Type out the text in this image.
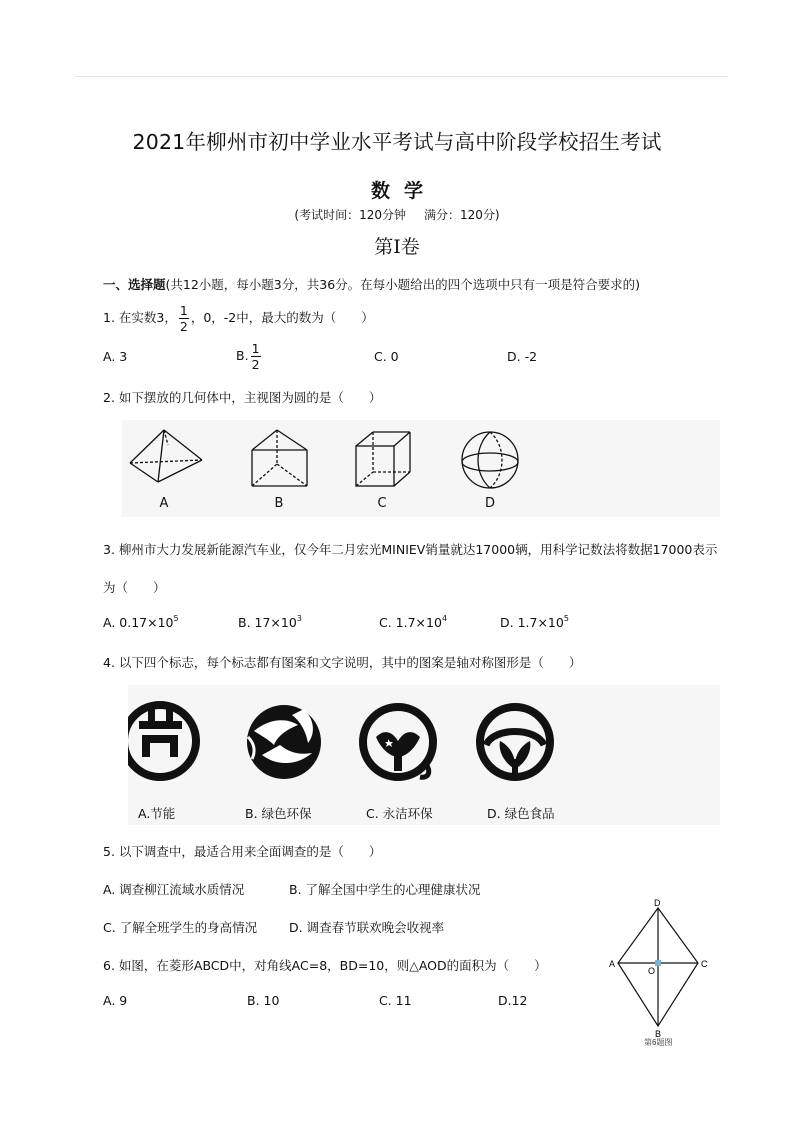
2021年柳州市初中学业水平考试与高中阶段学校招生考试
数学
(考试时间：120分钟 满分：120分)
第Ⅰ卷
一、选择题(共12小题，每小题3分，共36分。在每小题给出的四个选项中只有一项是符合要求的)
1. 在实数3， $\frac{1}{2}$ ，0，-2中，最大的数为（　　）
A. 3	B. $\frac{1}{2}$	C. 0	D. -2
2. 如下摆放的几何体中，主视图为圆的是（　　）
A	B	C	D
3. 柳州市大力发展新能源汽车业，仅今年二月宏光MINIEV销量就达17000辆，用科学记数法将数据17000表示
为（　　）
A. $0.17\times 10^5$	B. $17\times 10^3$	C. $1.7\times 10^4$	D. $1.7\times 10^5$
4. 以下四个标志，每个标志都有图案和文字说明，其中的图案是轴对称图形是（　　）
A.节能	B. 绿色环保	C. 永洁环保	D. 绿色食品
5. 以下调查中，最适合用来全面调查的是（　　）
A. 调查柳江流域水质情况	B. 了解全国中学生的心理健康状况
C. 了解全班学生的身高情况	D. 调查春节联欢晚会收视率
6. 如图，在菱形ABCD中，对角线AC=8，BD=10，则△AOD的面积为（　　）
A. 9	B. 10	C. 11	D.12
D
A
O
C
B
第6题图
